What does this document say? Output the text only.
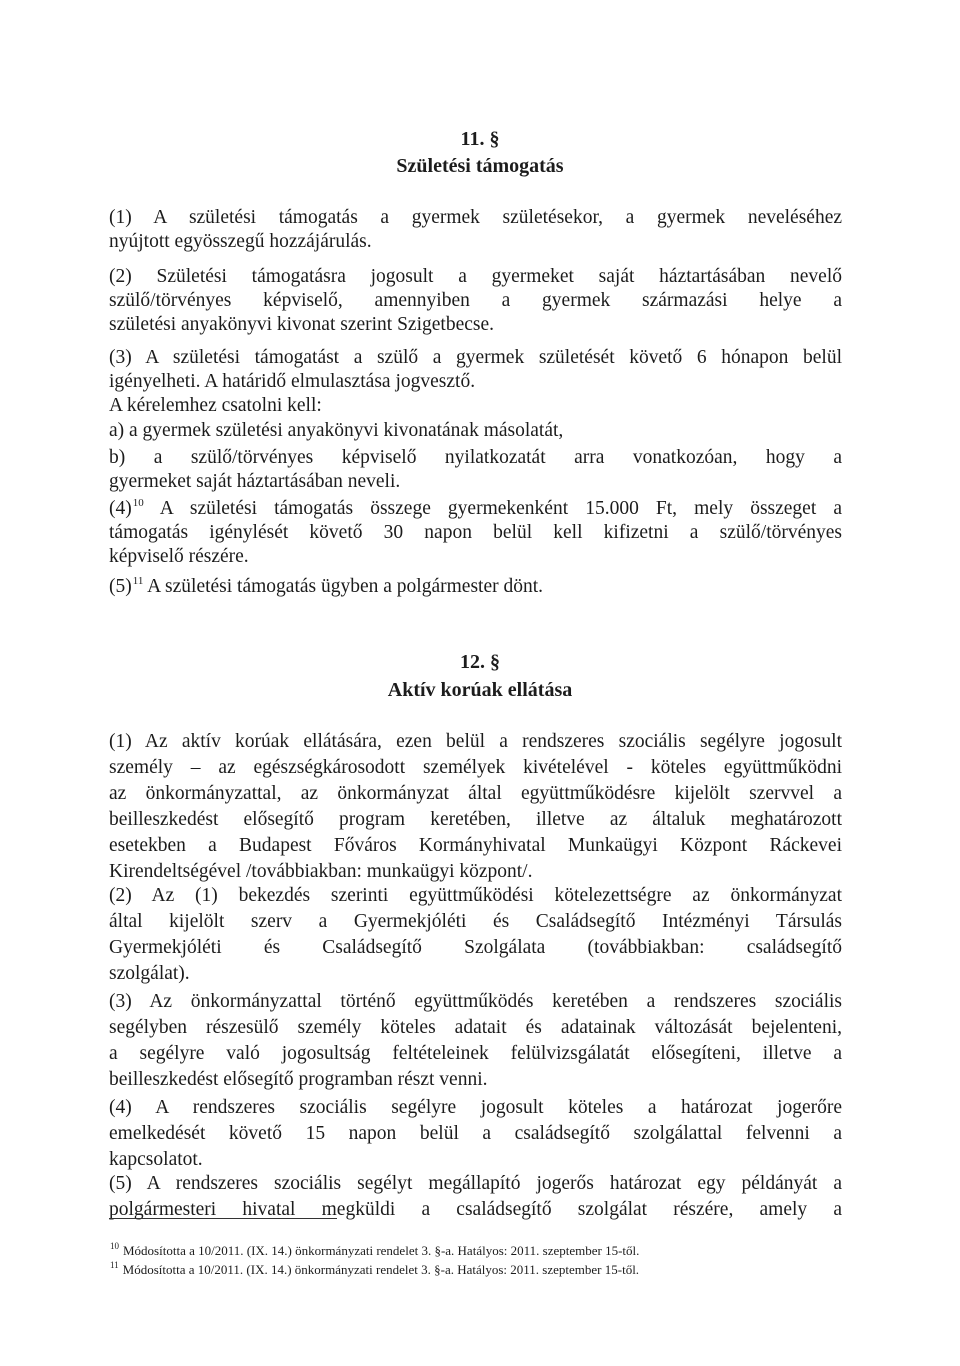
11. §
Születési támogatás
(1) A születési támogatás a gyermek születésekor, a gyermek neveléséhez
nyújtott egyösszegű hozzájárulás.
(2) Születési támogatásra jogosult a gyermeket saját háztartásában nevelő
szülő/törvényes képviselő, amennyiben a gyermek származási helye a
születési anyakönyvi kivonat szerint Szigetbecse.
(3) A születési támogatást a szülő a gyermek születését követő 6 hónapon belül
igényelheti. A határidő elmulasztása jogvesztő.
A kérelemhez csatolni kell:
a) a gyermek születési anyakönyvi kivonatának másolatát,
b) a szülő/törvényes képviselő nyilatkozatát arra vonatkozóan, hogy a
gyermeket saját háztartásában neveli.
$(4)^{10}$ A születési támogatás összege gyermekenként 15.000 Ft, mely összeget a
támogatás igénylését követő 30 napon belül kell kifizetni a szülő/törvényes
képviselő részére.
$(5)^{11}$ A születési támogatás ügyben a polgármester dönt.
12. §
Aktív korúak ellátása
(1) Az aktív korúak ellátására, ezen belül a rendszeres szociális segélyre jogosult
személy – az egészségkárosodott személyek kivételével - köteles együttműködni
az önkormányzattal, az önkormányzat által együttműködésre kijelölt szervvel a
beilleszkedést elősegítő program keretében, illetve az általuk meghatározott
esetekben a Budapest Főváros Kormányhivatal Munkaügyi Központ Ráckevei
Kirendeltségével /továbbiakban: munkaügyi központ/.
(2) Az (1) bekezdés szerinti együttműködési kötelezettségre az önkormányzat
által kijelölt szerv a Gyermekjóléti és Családsegítő Intézményi Társulás
Gyermekjóléti és Családsegítő Szolgálata (továbbiakban: családsegítő
szolgálat).
(3) Az önkormányzattal történő együttműködés keretében a rendszeres szociális
segélyben részesülő személy köteles adatait és adatainak változását bejelenteni,
a segélyre való jogosultság feltételeinek felülvizsgálatát elősegíteni, illetve a
beilleszkedést elősegítő programban részt venni.
(4) A rendszeres szociális segélyre jogosult köteles a határozat jogerőre
emelkedését követő 15 napon belül a családsegítő szolgálattal felvenni a
kapcsolatot.
(5) A rendszeres szociális segélyt megállapító jogerős határozat egy példányát a
polgármesteri hivatal megküldi a családsegítő szolgálat részére, amely a
$^{10}$ Módosította a 10/2011. (IX. 14.) önkormányzati rendelet 3. §-a. Hatályos: 2011. szeptember 15-től.
$^{11}$ Módosította a 10/2011. (IX. 14.) önkormányzati rendelet 3. §-a. Hatályos: 2011. szeptember 15-től.
